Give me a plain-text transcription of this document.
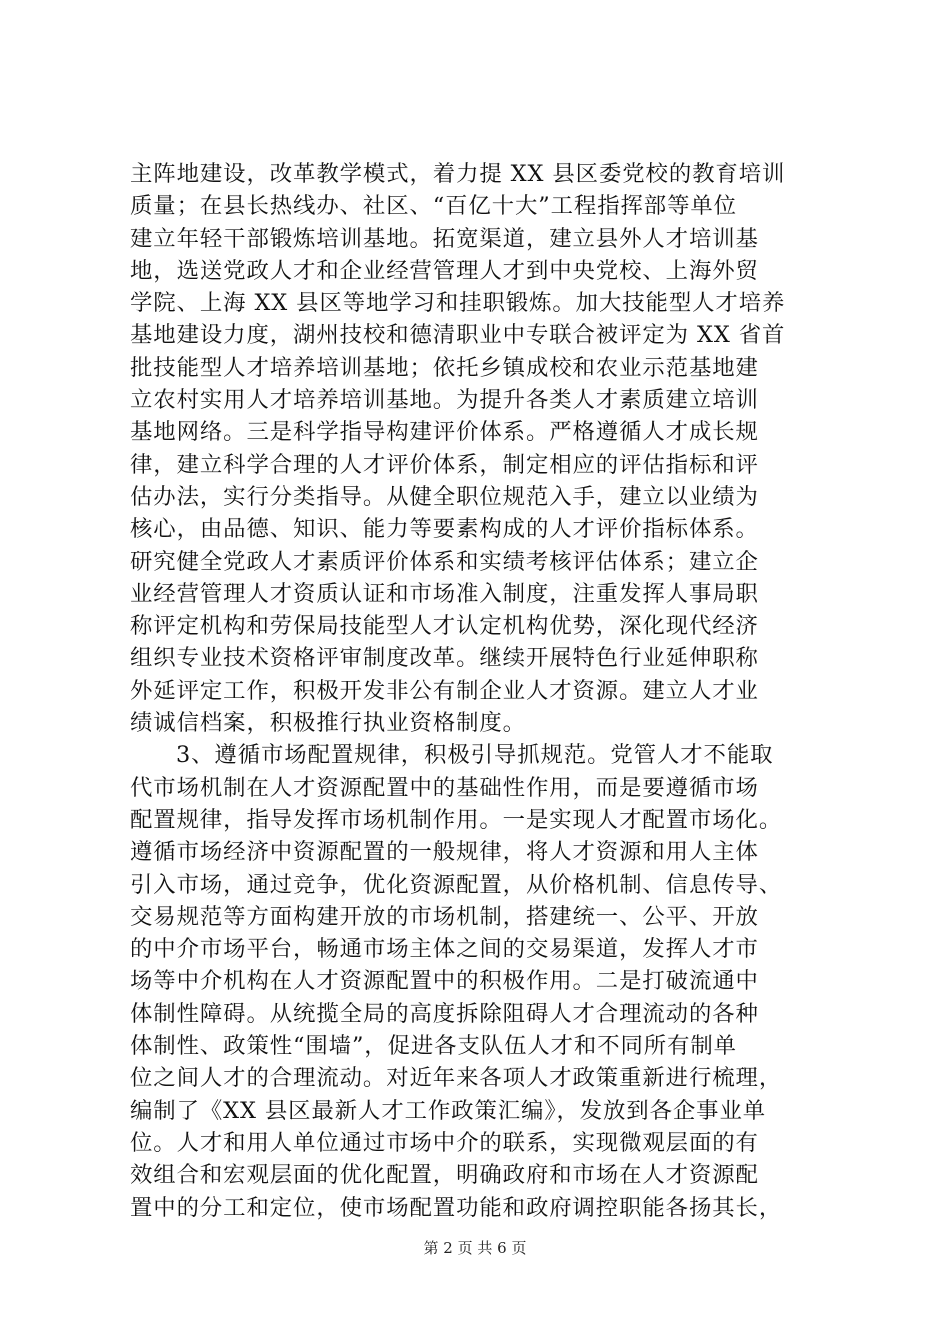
主阵地建设，改革教学模式，着力提 XX 县区委党校的教育培训
质量；在县长热线办、社区、“百亿十大”工程指挥部等单位
建立年轻干部锻炼培训基地。拓宽渠道，建立县外人才培训基
地，选送党政人才和企业经营管理人才到中央党校、上海外贸
学院、上海 XX 县区等地学习和挂职锻炼。加大技能型人才培养
基地建设力度，湖州技校和德清职业中专联合被评定为 XX 省首
批技能型人才培养培训基地；依托乡镇成校和农业示范基地建
立农村实用人才培养培训基地。为提升各类人才素质建立培训
基地网络。三是科学指导构建评价体系。严格遵循人才成长规
律，建立科学合理的人才评价体系，制定相应的评估指标和评
估办法，实行分类指导。从健全职位规范入手，建立以业绩为
核心，由品德、知识、能力等要素构成的人才评价指标体系。
研究健全党政人才素质评价体系和实绩考核评估体系；建立企
业经营管理人才资质认证和市场准入制度，注重发挥人事局职
称评定机构和劳保局技能型人才认定机构优势，深化现代经济
组织专业技术资格评审制度改革。继续开展特色行业延伸职称
外延评定工作，积极开发非公有制企业人才资源。建立人才业
绩诚信档案，积极推行执业资格制度。
3、遵循市场配置规律，积极引导抓规范。党管人才不能取
代市场机制在人才资源配置中的基础性作用，而是要遵循市场
配置规律，指导发挥市场机制作用。一是实现人才配置市场化。
遵循市场经济中资源配置的一般规律，将人才资源和用人主体
引入市场，通过竞争，优化资源配置，从价格机制、信息传导、
交易规范等方面构建开放的市场机制，搭建统一、公平、开放
的中介市场平台，畅通市场主体之间的交易渠道，发挥人才市
场等中介机构在人才资源配置中的积极作用。二是打破流通中
体制性障碍。从统揽全局的高度拆除阻碍人才合理流动的各种
体制性、政策性“围墙”，促进各支队伍人才和不同所有制单
位之间人才的合理流动。对近年来各项人才政策重新进行梳理，
编制了《XX 县区最新人才工作政策汇编》，发放到各企事业单
位。人才和用人单位通过市场中介的联系，实现微观层面的有
效组合和宏观层面的优化配置，明确政府和市场在人才资源配
置中的分工和定位，使市场配置功能和政府调控职能各扬其长，
第 2 页 共 6 页
